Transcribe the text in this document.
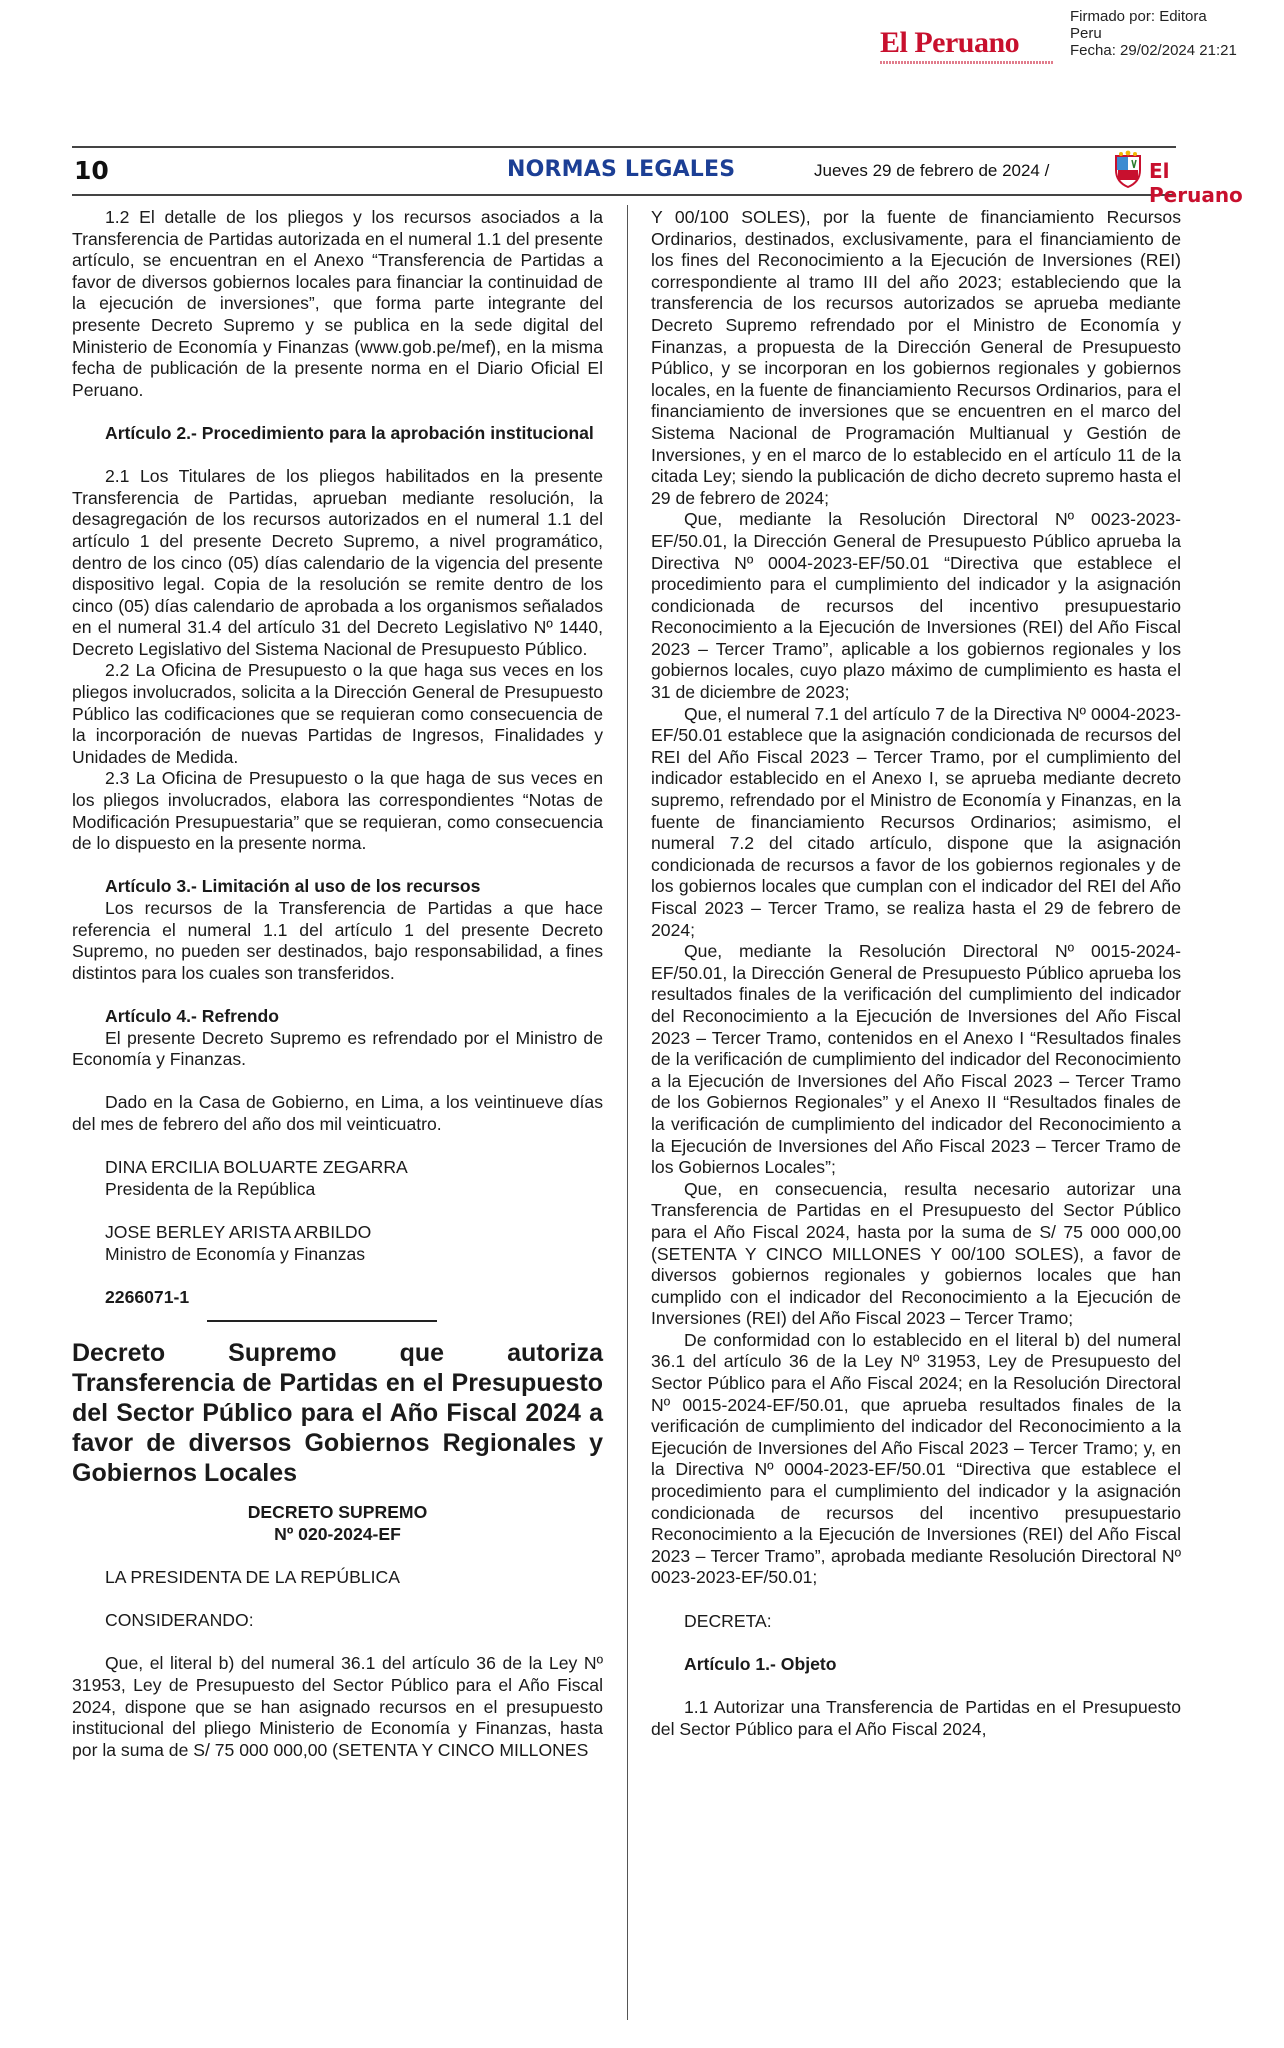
El Peruano
Firmado por: Editora
Peru
Fecha: 29/02/2024 21:21
10	NORMAS LEGALES	Jueves 29 de febrero de 2024 /	El Peruano

1.2 El detalle de los pliegos y los recursos asociados a la Transferencia de Partidas autorizada en el numeral 1.1 del presente artículo, se encuentran en el Anexo “Transferencia de Partidas a favor de diversos gobiernos locales para financiar la continuidad de la ejecución de inversiones”, que forma parte integrante del presente Decreto Supremo y se publica en la sede digital del Ministerio de Economía y Finanzas (www.gob.pe/mef), en la misma fecha de publicación de la presente norma en el Diario Oficial El Peruano.

Artículo 2.- Procedimiento para la aprobación institucional

2.1 Los Titulares de los pliegos habilitados en la presente Transferencia de Partidas, aprueban mediante resolución, la desagregación de los recursos autorizados en el numeral 1.1 del artículo 1 del presente Decreto Supremo, a nivel programático, dentro de los cinco (05) días calendario de la vigencia del presente dispositivo legal. Copia de la resolución se remite dentro de los cinco (05) días calendario de aprobada a los organismos señalados en el numeral 31.4 del artículo 31 del Decreto Legislativo Nº 1440, Decreto Legislativo del Sistema Nacional de Presupuesto Público.

2.2 La Oficina de Presupuesto o la que haga sus veces en los pliegos involucrados, solicita a la Dirección General de Presupuesto Público las codificaciones que se requieran como consecuencia de la incorporación de nuevas Partidas de Ingresos, Finalidades y Unidades de Medida.

2.3 La Oficina de Presupuesto o la que haga de sus veces en los pliegos involucrados, elabora las correspondientes “Notas de Modificación Presupuestaria” que se requieran, como consecuencia de lo dispuesto en la presente norma.

Artículo 3.- Limitación al uso de los recursos

Los recursos de la Transferencia de Partidas a que hace referencia el numeral 1.1 del artículo 1 del presente Decreto Supremo, no pueden ser destinados, bajo responsabilidad, a fines distintos para los cuales son transferidos.

Artículo 4.- Refrendo

El presente Decreto Supremo es refrendado por el Ministro de Economía y Finanzas.

Dado en la Casa de Gobierno, en Lima, a los veintinueve días del mes de febrero del año dos mil veinticuatro.

DINA ERCILIA BOLUARTE ZEGARRA

Presidenta de la República

JOSE BERLEY ARISTA ARBILDO

Ministro de Economía y Finanzas

2266071-1

Decreto Supremo que autoriza Transferencia de Partidas en el Presupuesto del Sector Público para el Año Fiscal 2024 a favor de diversos Gobiernos Regionales y Gobiernos Locales

DECRETO SUPREMO

Nº 020-2024-EF

LA PRESIDENTA DE LA REPÚBLICA

CONSIDERANDO:

Que, el literal b) del numeral 36.1 del artículo 36 de la Ley Nº 31953, Ley de Presupuesto del Sector Público para el Año Fiscal 2024, dispone que se han asignado recursos en el presupuesto institucional del pliego Ministerio de Economía y Finanzas, hasta por la suma de S/ 75 000 000,00 (SETENTA Y CINCO MILLONES

Y 00/100 SOLES), por la fuente de financiamiento Recursos Ordinarios, destinados, exclusivamente, para el financiamiento de los fines del Reconocimiento a la Ejecución de Inversiones (REI) correspondiente al tramo III del año 2023; estableciendo que la transferencia de los recursos autorizados se aprueba mediante Decreto Supremo refrendado por el Ministro de Economía y Finanzas, a propuesta de la Dirección General de Presupuesto Público, y se incorporan en los gobiernos regionales y gobiernos locales, en la fuente de financiamiento Recursos Ordinarios, para el financiamiento de inversiones que se encuentren en el marco del Sistema Nacional de Programación Multianual y Gestión de Inversiones, y en el marco de lo establecido en el artículo 11 de la citada Ley; siendo la publicación de dicho decreto supremo hasta el 29 de febrero de 2024;

Que, mediante la Resolución Directoral Nº 0023-2023-EF/50.01, la Dirección General de Presupuesto Público aprueba la Directiva Nº 0004-2023-EF/50.01 “Directiva que establece el procedimiento para el cumplimiento del indicador y la asignación condicionada de recursos del incentivo presupuestario Reconocimiento a la Ejecución de Inversiones (REI) del Año Fiscal 2023 – Tercer Tramo”, aplicable a los gobiernos regionales y los gobiernos locales, cuyo plazo máximo de cumplimiento es hasta el 31 de diciembre de 2023;

Que, el numeral 7.1 del artículo 7 de la Directiva Nº 0004-2023-EF/50.01 establece que la asignación condicionada de recursos del REI del Año Fiscal 2023 – Tercer Tramo, por el cumplimiento del indicador establecido en el Anexo I, se aprueba mediante decreto supremo, refrendado por el Ministro de Economía y Finanzas, en la fuente de financiamiento Recursos Ordinarios; asimismo, el numeral 7.2 del citado artículo, dispone que la asignación condicionada de recursos a favor de los gobiernos regionales y de los gobiernos locales que cumplan con el indicador del REI del Año Fiscal 2023 – Tercer Tramo, se realiza hasta el 29 de febrero de 2024;

Que, mediante la Resolución Directoral Nº 0015-2024-EF/50.01, la Dirección General de Presupuesto Público aprueba los resultados finales de la verificación del cumplimiento del indicador del Reconocimiento a la Ejecución de Inversiones del Año Fiscal 2023 – Tercer Tramo, contenidos en el Anexo I “Resultados finales de la verificación de cumplimiento del indicador del Reconocimiento a la Ejecución de Inversiones del Año Fiscal 2023 – Tercer Tramo de los Gobiernos Regionales” y el Anexo II “Resultados finales de la verificación de cumplimiento del indicador del Reconocimiento a la Ejecución de Inversiones del Año Fiscal 2023 – Tercer Tramo de los Gobiernos Locales”;

Que, en consecuencia, resulta necesario autorizar una Transferencia de Partidas en el Presupuesto del Sector Público para el Año Fiscal 2024, hasta por la suma de S/ 75 000 000,00 (SETENTA Y CINCO MILLONES Y 00/100 SOLES), a favor de diversos gobiernos regionales y gobiernos locales que han cumplido con el indicador del Reconocimiento a la Ejecución de Inversiones (REI) del Año Fiscal 2023 – Tercer Tramo;

De conformidad con lo establecido en el literal b) del numeral 36.1 del artículo 36 de la Ley Nº 31953, Ley de Presupuesto del Sector Público para el Año Fiscal 2024; en la Resolución Directoral Nº 0015-2024-EF/50.01, que aprueba resultados finales de la verificación de cumplimiento del indicador del Reconocimiento a la Ejecución de Inversiones del Año Fiscal 2023 – Tercer Tramo; y, en la Directiva Nº 0004-2023-EF/50.01 “Directiva que establece el procedimiento para el cumplimiento del indicador y la asignación condicionada de recursos del incentivo presupuestario Reconocimiento a la Ejecución de Inversiones (REI) del Año Fiscal 2023 – Tercer Tramo”, aprobada mediante Resolución Directoral Nº 0023-2023-EF/50.01;

DECRETA:

Artículo 1.- Objeto

1.1 Autorizar una Transferencia de Partidas en el Presupuesto del Sector Público para el Año Fiscal 2024,
